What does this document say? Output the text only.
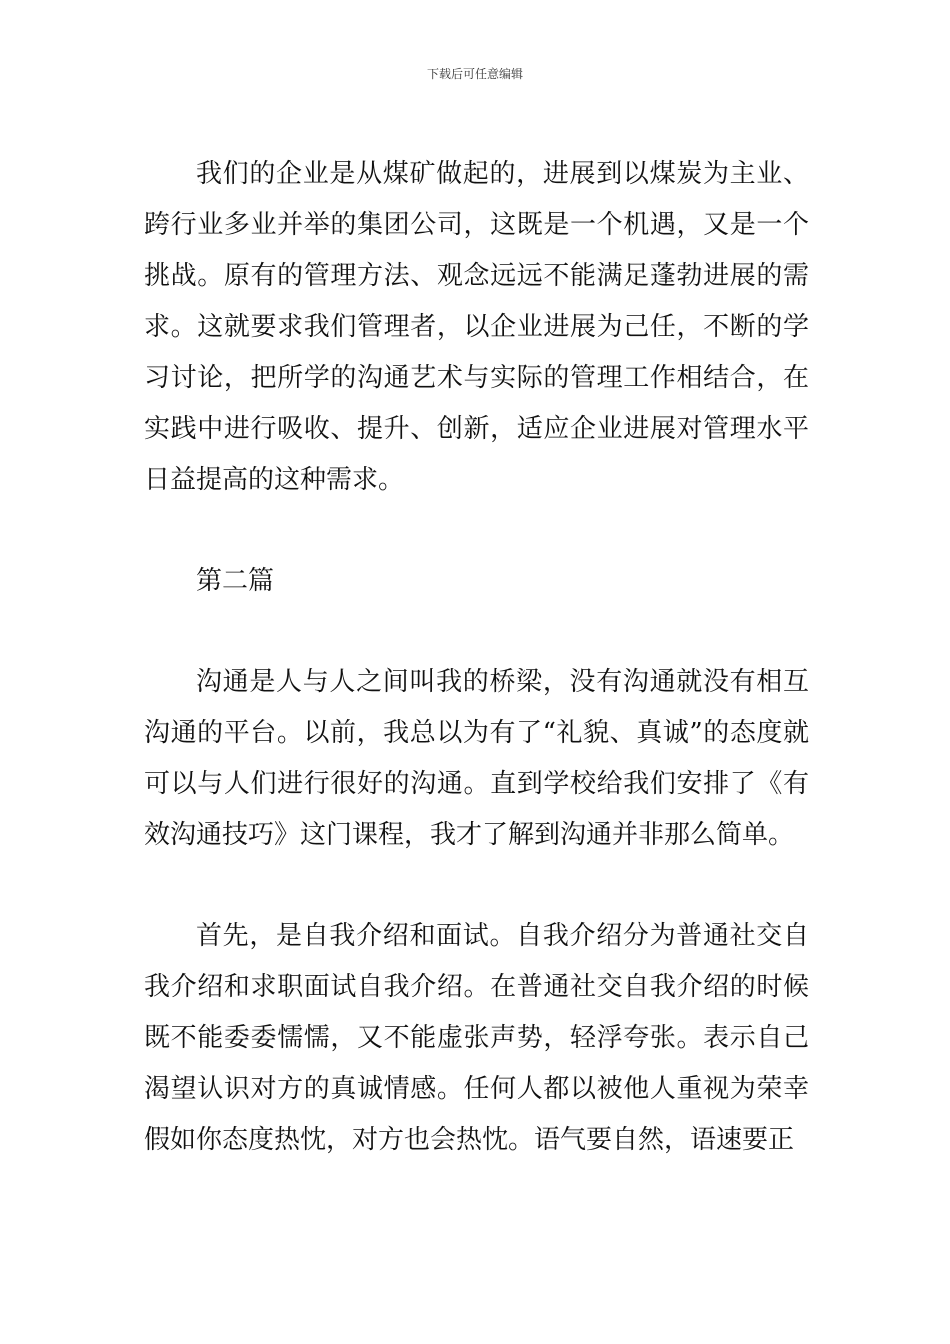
下载后可任意编辑

我们的企业是从煤矿做起的，进展到以煤炭为主业、跨行业多业并举的集团公司，这既是一个机遇，又是一个挑战。原有的管理方法、观念远远不能满足蓬勃进展的需求。这就要求我们管理者，以企业进展为己任，不断的学习讨论，把所学的沟通艺术与实际的管理工作相结合，在实践中进行吸收、提升、创新，适应企业进展对管理水平日益提高的这种需求。

第二篇

沟通是人与人之间叫我的桥梁，没有沟通就没有相互沟通的平台。以前，我总以为有了“礼貌、真诚”的态度就可以与人们进行很好的沟通。直到学校给我们安排了《有效沟通技巧》这门课程，我才了解到沟通并非那么简单。

首先，是自我介绍和面试。自我介绍分为普通社交自我介绍和求职面试自我介绍。在普通社交自我介绍的时候既不能委委懦懦，又不能虚张声势，轻浮夸张。表示自己渴望认识对方的真诚情感。任何人都以被他人重视为荣幸假如你态度热忱，对方也会热忱。语气要自然，语速要正
